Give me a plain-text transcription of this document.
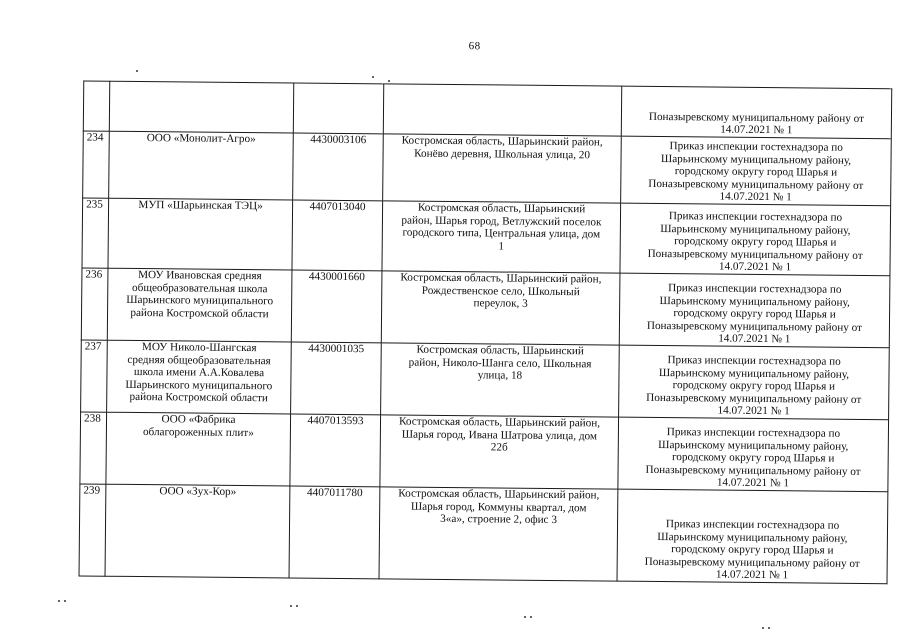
68
				Поназыревскому муниципальному району от
14.07.2021 № 1
234	ООО «Монолит-Агро»	4430003106	Костромская область, Шарьинский район,
Конёво деревня, Школьная улица, 20	Приказ инспекции гостехнадзора по
Шарьинскому муниципальному району,
городскому округу город Шарья и
Поназыревскому муниципальному району от
14.07.2021 № 1
235	МУП «Шарьинская ТЭЦ»	4407013040	Костромская область, Шарьинский
район, Шарья город, Ветлужский поселок
городского типа, Центральная улица, дом
1	Приказ инспекции гостехнадзора по
Шарьинскому муниципальному району,
городскому округу город Шарья и
Поназыревскому муниципальному району от
14.07.2021 № 1
236	МОУ Ивановская средняя
общеобразовательная школа
Шарьинского муниципального
района Костромской области	4430001660	Костромская область, Шарьинский район,
Рождественское село, Школьный
переулок, 3	Приказ инспекции гостехнадзора по
Шарьинскому муниципальному району,
городскому округу город Шарья и
Поназыревскому муниципальному району от
14.07.2021 № 1
237	МОУ Николо-Шангская
средняя общеобразовательная
школа имени А.А.Ковалева
Шарьинского муниципального
района Костромской области	4430001035	Костромская область, Шарьинский
район, Николо-Шанга село, Школьная
улица, 18	Приказ инспекции гостехнадзора по
Шарьинскому муниципальному району,
городскому округу город Шарья и
Поназыревскому муниципальному району от
14.07.2021 № 1
238	ООО «Фабрика
облагороженных плит»	4407013593	Костромская область, Шарьинский район,
Шарья город, Ивана Шатрова улица, дом
22б	Приказ инспекции гостехнадзора по
Шарьинскому муниципальному району,
городскому округу город Шарья и
Поназыревскому муниципальному району от
14.07.2021 № 1
239	ООО «Зух-Кор»	4407011780	Костромская область, Шарьинский район,
Шарья город, Коммуны квартал, дом
3«а», строение 2, офис 3	Приказ инспекции гостехнадзора по
Шарьинскому муниципальному району,
городскому округу город Шарья и
Поназыревскому муниципальному району от
14.07.2021 № 1
